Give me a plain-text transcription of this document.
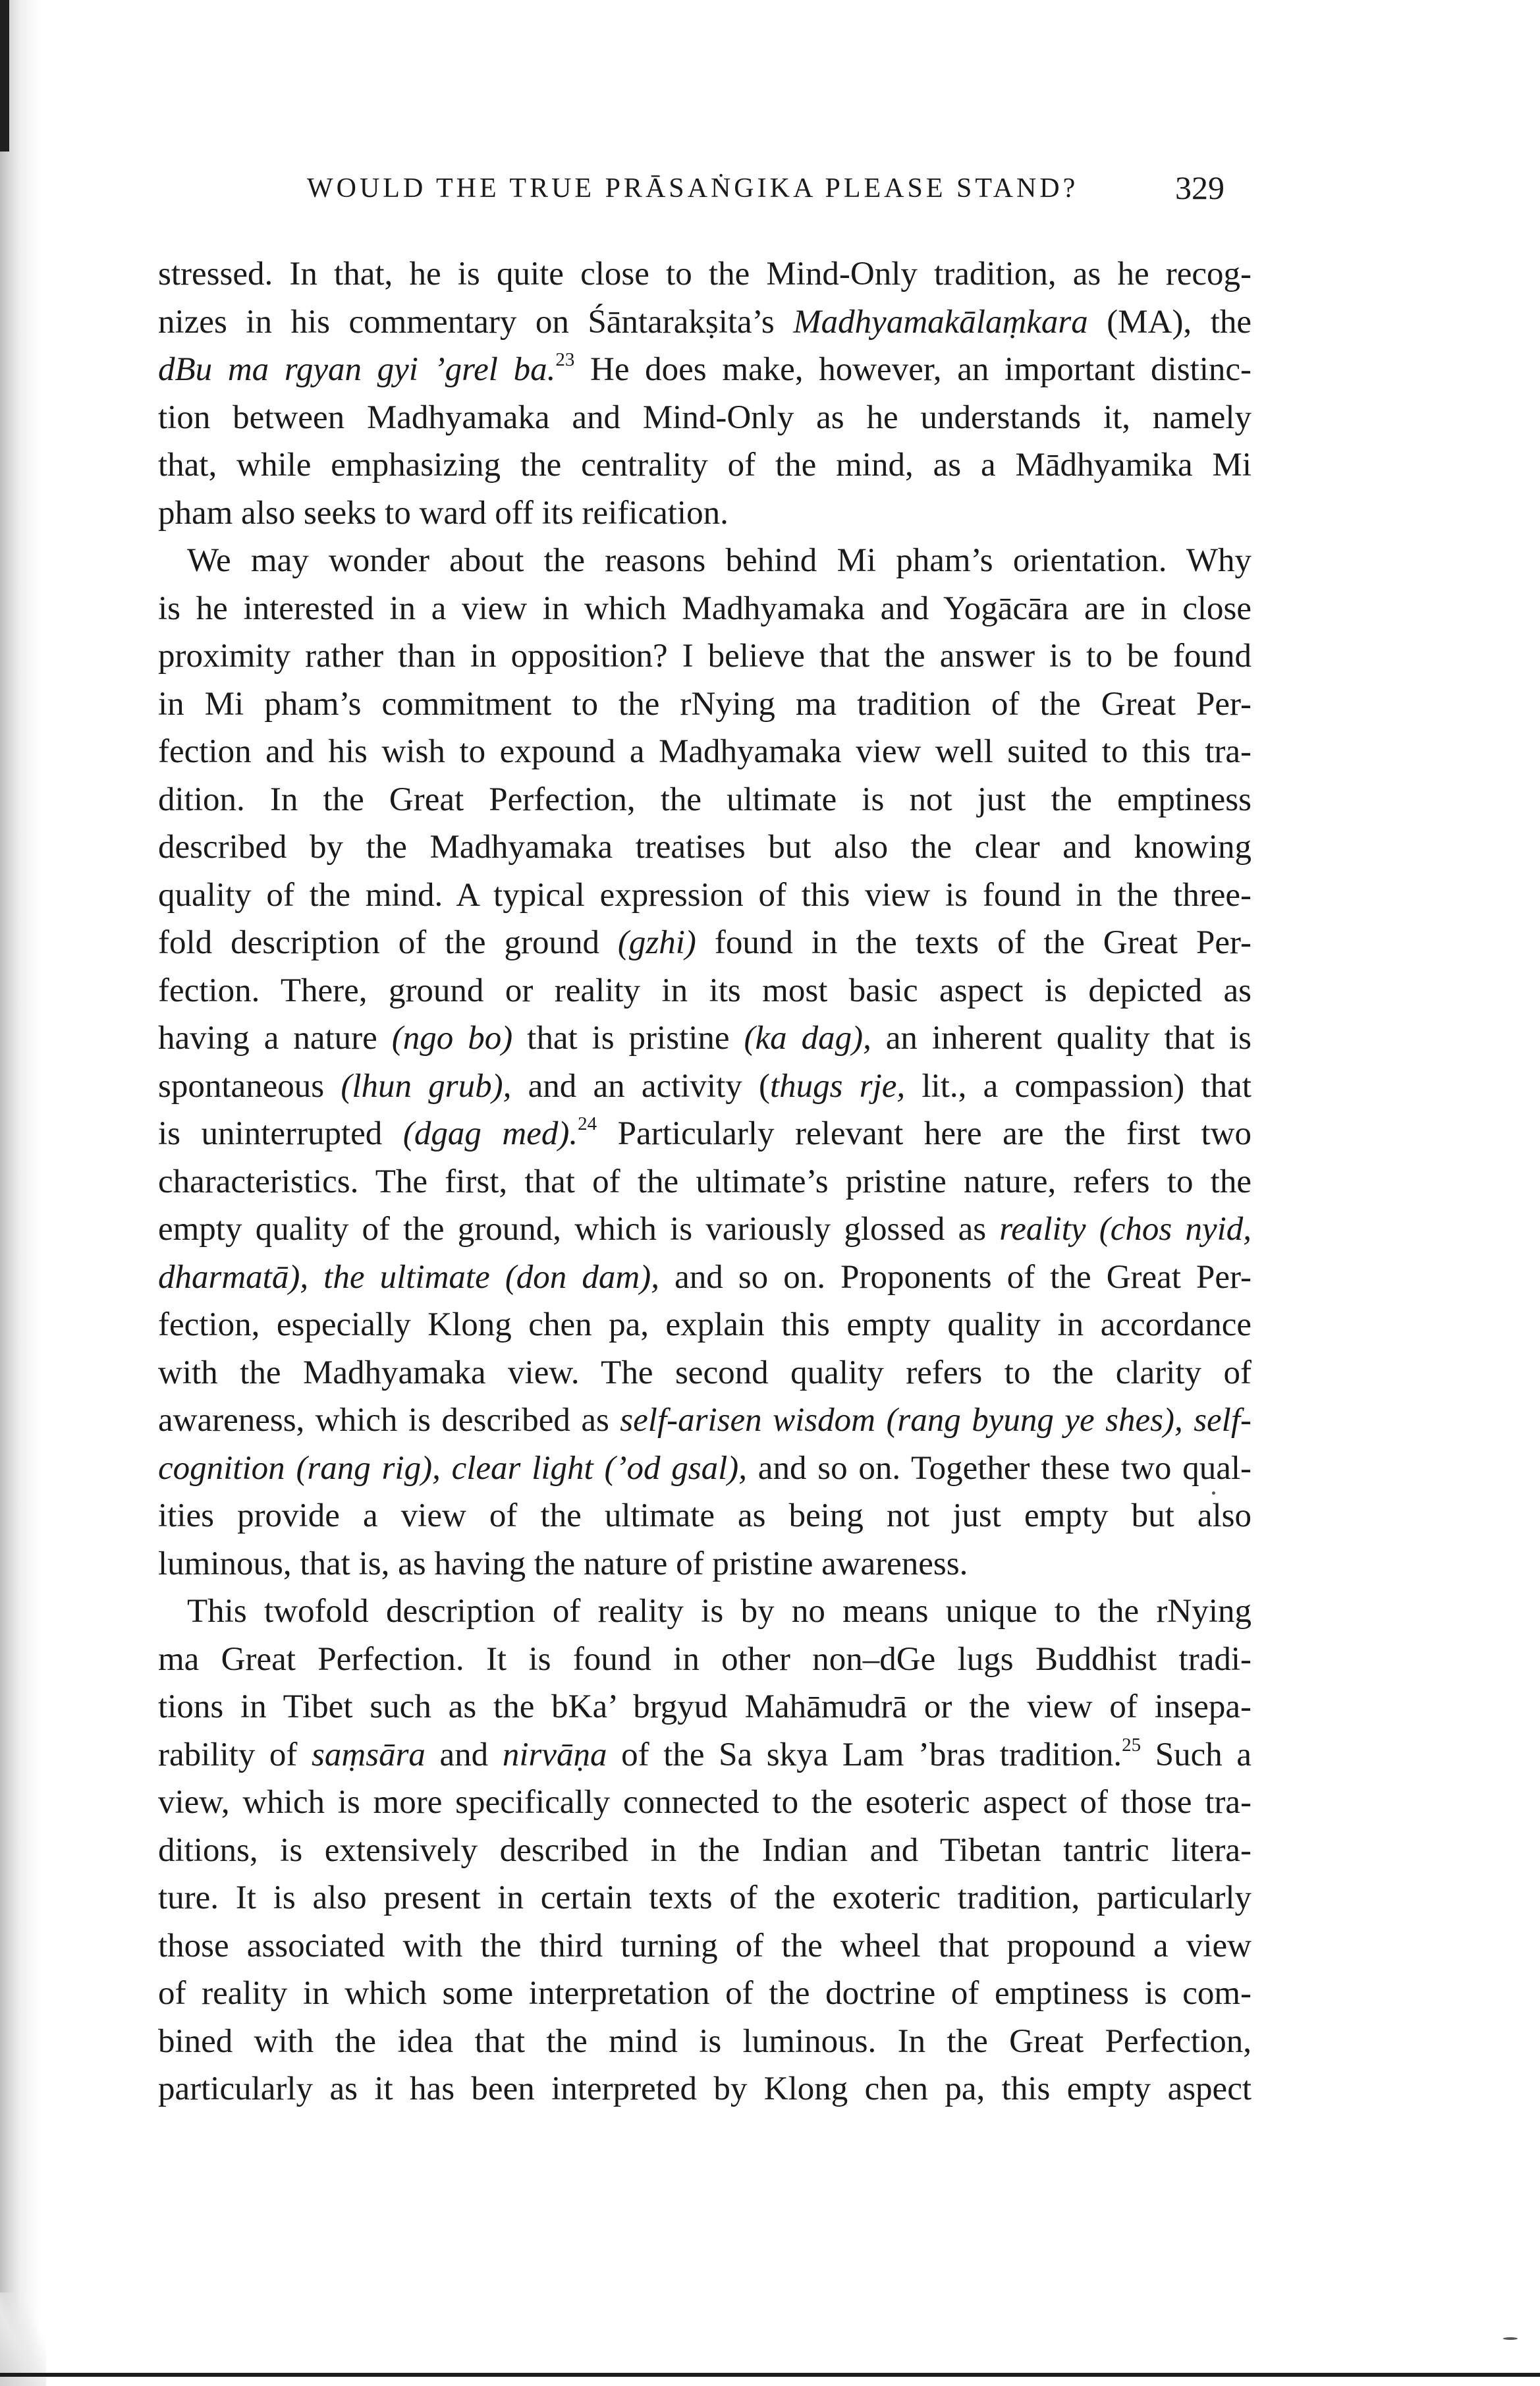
WOULD THE TRUE PRĀSAṄGIKA PLEASE STAND?	329
stressed. In that, he is quite close to the Mind-Only tradition, as he recog-
nizes in his commentary on Śāntarakṣita’s Madhyamakālaṃkara (MA), the
dBu ma rgyan gyi ’grel ba.$^{23}$ He does make, however, an important distinc-
tion between Madhyamaka and Mind-Only as he understands it, namely
that, while emphasizing the centrality of the mind, as a Mādhyamika Mi
pham also seeks to ward off its reification.
We may wonder about the reasons behind Mi pham’s orientation. Why
is he interested in a view in which Madhyamaka and Yogācāra are in close
proximity rather than in opposition? I believe that the answer is to be found
in Mi pham’s commitment to the rNying ma tradition of the Great Per-
fection and his wish to expound a Madhyamaka view well suited to this tra-
dition. In the Great Perfection, the ultimate is not just the emptiness
described by the Madhyamaka treatises but also the clear and knowing
quality of the mind. A typical expression of this view is found in the three-
fold description of the ground (gzhi) found in the texts of the Great Per-
fection. There, ground or reality in its most basic aspect is depicted as
having a nature (ngo bo) that is pristine (ka dag), an inherent quality that is
spontaneous (lhun grub), and an activity (thugs rje, lit., a compassion) that
is uninterrupted (dgag med).$^{24}$ Particularly relevant here are the first two
characteristics. The first, that of the ultimate’s pristine nature, refers to the
empty quality of the ground, which is variously glossed as reality (chos nyid,
dharmatā), the ultimate (don dam), and so on. Proponents of the Great Per-
fection, especially Klong chen pa, explain this empty quality in accordance
with the Madhyamaka view. The second quality refers to the clarity of
awareness, which is described as self-arisen wisdom (rang byung ye shes), self-
cognition (rang rig), clear light (’od gsal), and so on. Together these two qual-
ities provide a view of the ultimate as being not just empty but also
luminous, that is, as having the nature of pristine awareness.
This twofold description of reality is by no means unique to the rNying
ma Great Perfection. It is found in other non–dGe lugs Buddhist tradi-
tions in Tibet such as the bKa’ brgyud Mahāmudrā or the view of insepa-
rability of saṃsāra and nirvāṇa of the Sa skya Lam ’bras tradition.$^{25}$ Such a
view, which is more specifically connected to the esoteric aspect of those tra-
ditions, is extensively described in the Indian and Tibetan tantric litera-
ture. It is also present in certain texts of the exoteric tradition, particularly
those associated with the third turning of the wheel that propound a view
of reality in which some interpretation of the doctrine of emptiness is com-
bined with the idea that the mind is luminous. In the Great Perfection,
particularly as it has been interpreted by Klong chen pa, this empty aspect
